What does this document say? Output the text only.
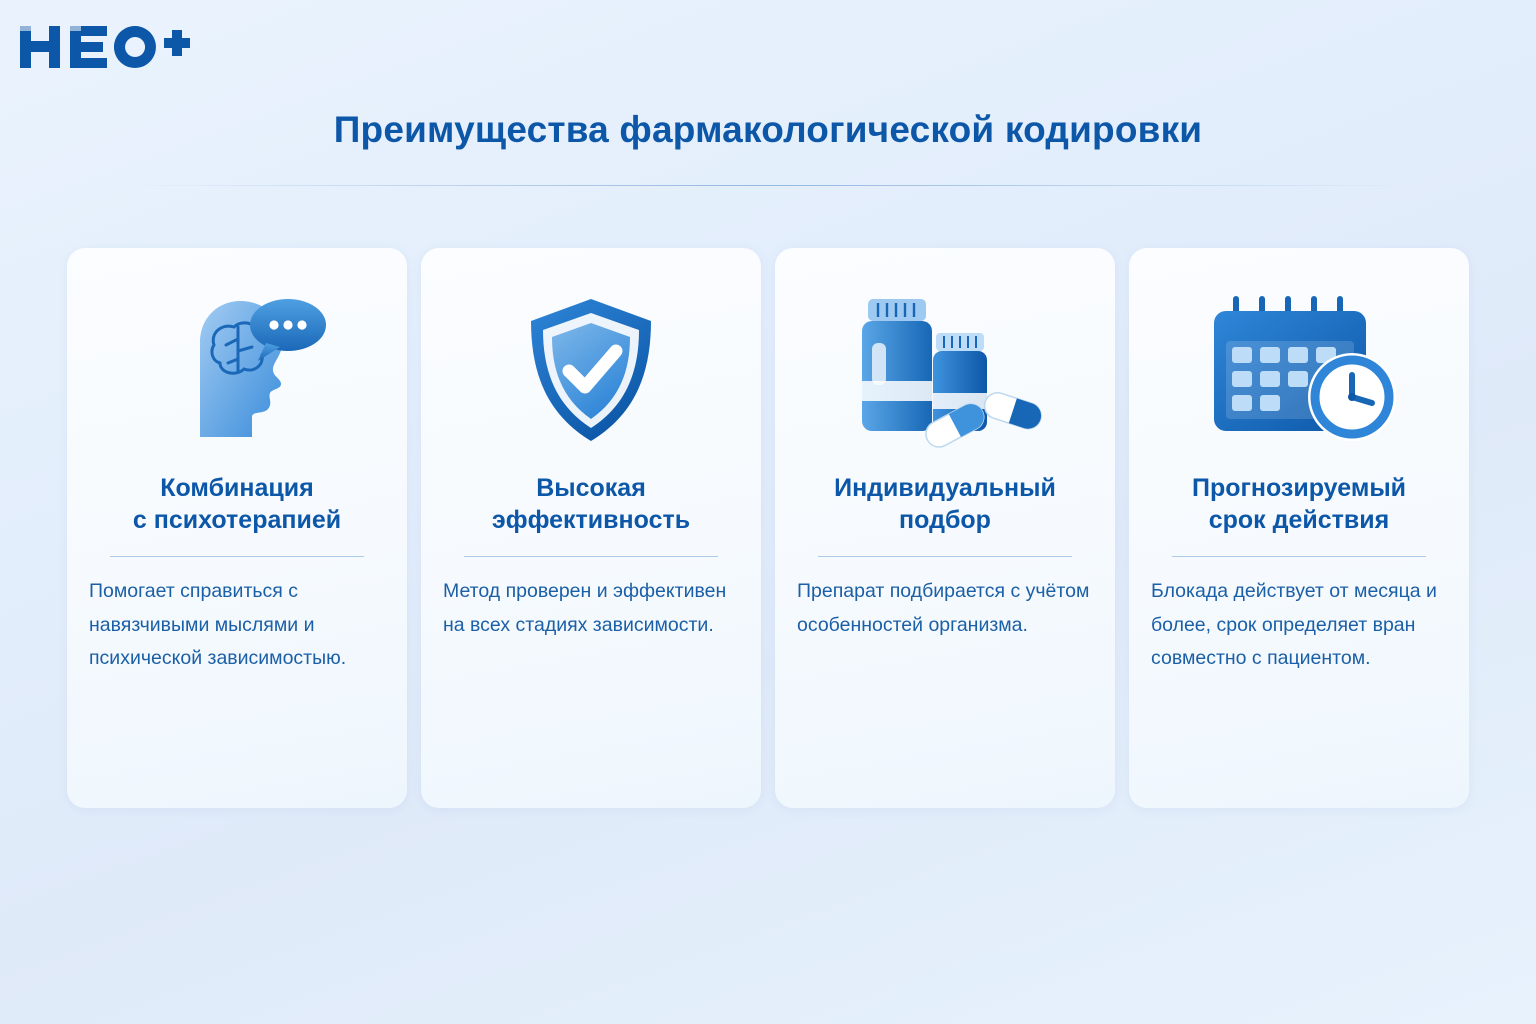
Преимущества фармакологической кодировки
Комбинация
с психотерапией
Помогает справиться с навязчивыми мыслями и психической зависимостыю.
Высокая
эффективность
Метод проверен и эффективен на всех стадиях зависимости.
Индивидуальный
подбор
Препарат подбирается с учётом особенностей организма.
Прогнозируемый
срок действия
Блокада действует от месяца и более, срок определяет вран совместно с пациентом.
